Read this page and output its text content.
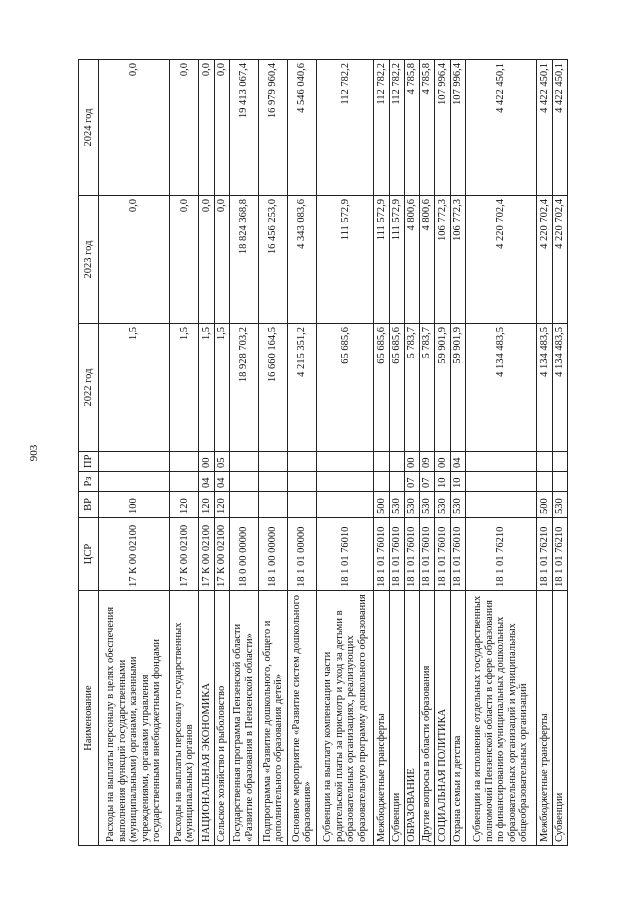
903
Наименование	ЦСР	ВР	Рз	ПР	2022 год	2023 год	2024 год
Расходы на выплаты персоналу в целях обеспечения выполнения функций государственными (муниципальными) органами, казенными учреждениями, органами управления государственными внебюджетными фондами	17 К 00 02100	100			1,5	0,0	0,0
Расходы на выплаты персоналу государственных (муниципальных) органов	17 К 00 02100	120			1,5	0,0	0,0
НАЦИОНАЛЬНАЯ ЭКОНОМИКА	17 К 00 02100	120	04	00	1,5	0,0	0,0
Сельское хозяйство и рыболовство	17 К 00 02100	120	04	05	1,5	0,0	0,0
Государственная программа Пензенской области «Развитие образования в Пензенской области»	18 0 00 00000				18 928 703,2	18 824 368,8	19 413 067,4
Подпрограмма «Развитие дошкольного, общего и дополнительного образования детей»	18 1 00 00000				16 660 164,5	16 456 253,0	16 979 960,4
Основное мероприятие «Развитие систем дошкольного образования»	18 1 01 00000				4 215 351,2	4 343 083,6	4 546 040,6
Субвенции на выплату компенсации части родительской платы за присмотр и уход за детьми в образовательных организациях, реализующих образовательную программу дошкольного образования	18 1 01 76010				65 685,6	111 572,9	112 782,2
Межбюджетные трансферты	18 1 01 76010	500			65 685,6	111 572,9	112 782,2
Субвенции	18 1 01 76010	530			65 685,6	111 572,9	112 782,2
ОБРАЗОВАНИЕ	18 1 01 76010	530	07	00	5 783,7	4 800,6	4 785,8
Другие вопросы в области образования	18 1 01 76010	530	07	09	5 783,7	4 800,6	4 785,8
СОЦИАЛЬНАЯ ПОЛИТИКА	18 1 01 76010	530	10	00	59 901,9	106 772,3	107 996,4
Охрана семьи и детства	18 1 01 76010	530	10	04	59 901,9	106 772,3	107 996,4
Субвенции на исполнение отдельных государственных полномочий Пензенской области в сфере образования по финансированию муниципальных дошкольных образовательных организаций и муниципальных общеобразовательных организаций	18 1 01 76210				4 134 483,5	4 220 702,4	4 422 450,1
Межбюджетные трансферты	18 1 01 76210	500			4 134 483,5	4 220 702,4	4 422 450,1
Субвенции	18 1 01 76210	530			4 134 483,5	4 220 702,4	4 422 450,1
